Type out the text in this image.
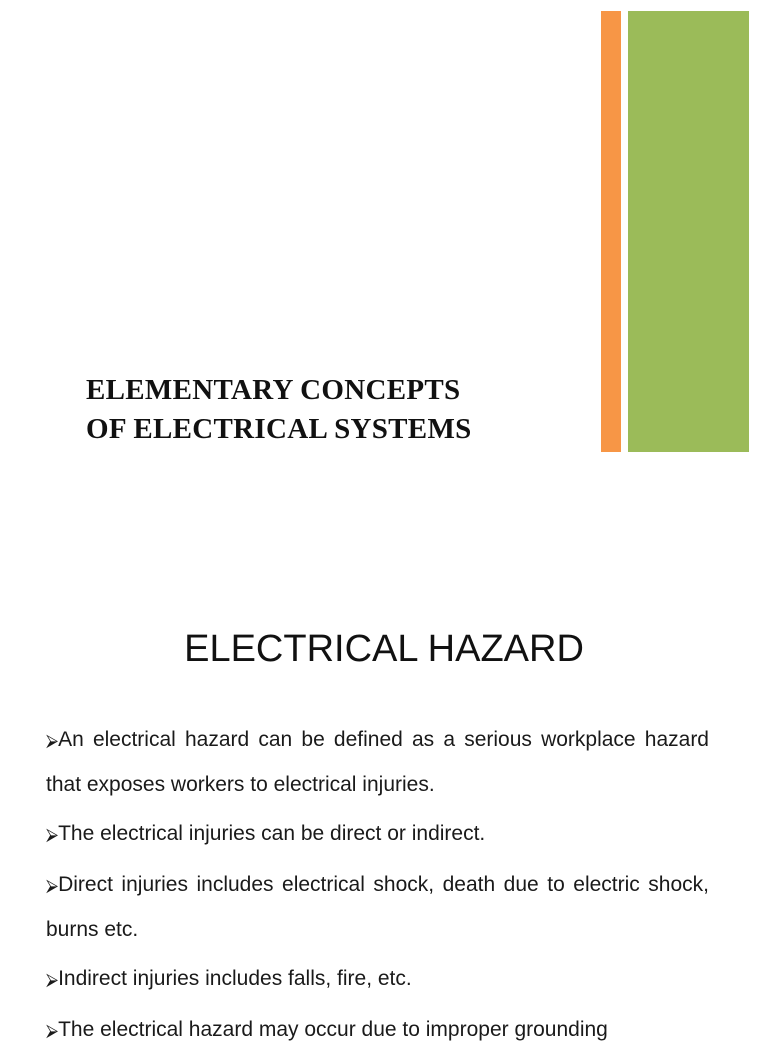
ELEMENTARY CONCEPTS
OF ELECTRICAL SYSTEMS
ELECTRICAL HAZARD
⮚An electrical hazard can be defined as a serious workplace hazard that exposes workers to electrical injuries.
⮚The electrical injuries can be direct or indirect.
⮚Direct injuries includes electrical shock, death due to electric shock, burns etc.
⮚Indirect injuries includes falls, fire, etc.
⮚The electrical hazard may occur due to improper grounding
